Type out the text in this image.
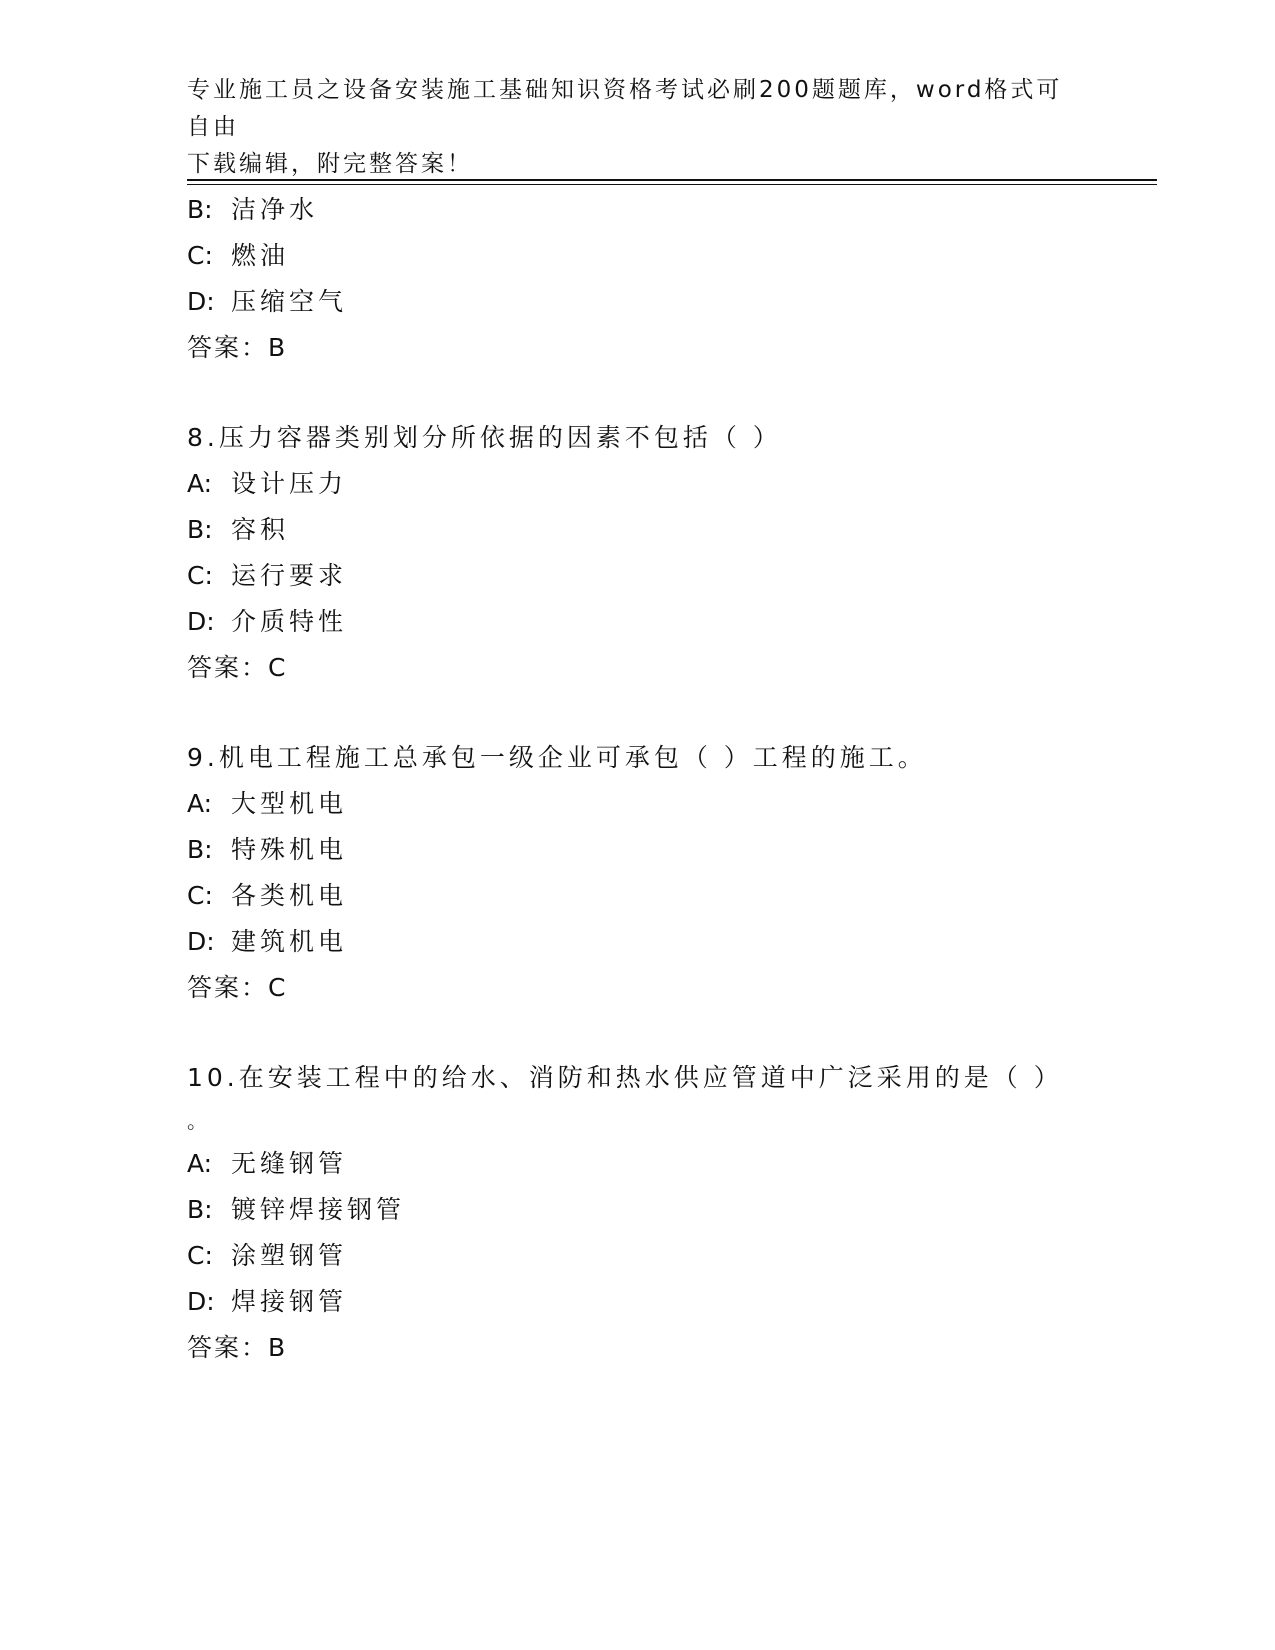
专业施工员之设备安装施工基础知识资格考试必刷200题题库，word格式可自由
下载编辑，附完整答案！
B: 洁净水
C: 燃油
D: 压缩空气
答案：B
8.压力容器类别划分所依据的因素不包括（ ）
A: 设计压力
B: 容积
C: 运行要求
D: 介质特性
答案：C
9.机电工程施工总承包一级企业可承包（ ）工程的施工。
A: 大型机电
B: 特殊机电
C: 各类机电
D: 建筑机电
答案：C
10.在安装工程中的给水、消防和热水供应管道中广泛采用的是（ ）
。
A: 无缝钢管
B: 镀锌焊接钢管
C: 涂塑钢管
D: 焊接钢管
答案：B
